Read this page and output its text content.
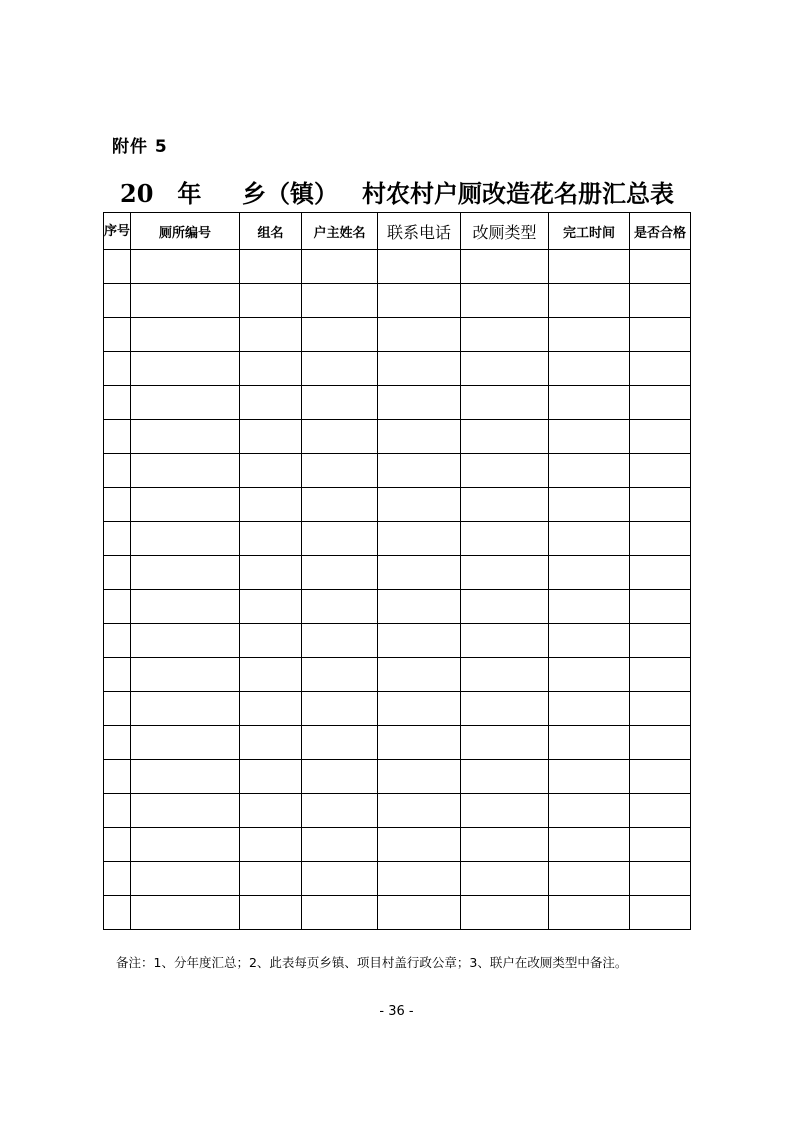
附件 5
20　年 乡（镇） 村农村户厕改造花名册汇总表
序号	厕所编号	组名	户主姓名	联系电话	改厕类型	完工时间	是否合格

备注：1、分年度汇总；2、此表每页乡镇、项目村盖行政公章；3、联户在改厕类型中备注。
- 36 -
